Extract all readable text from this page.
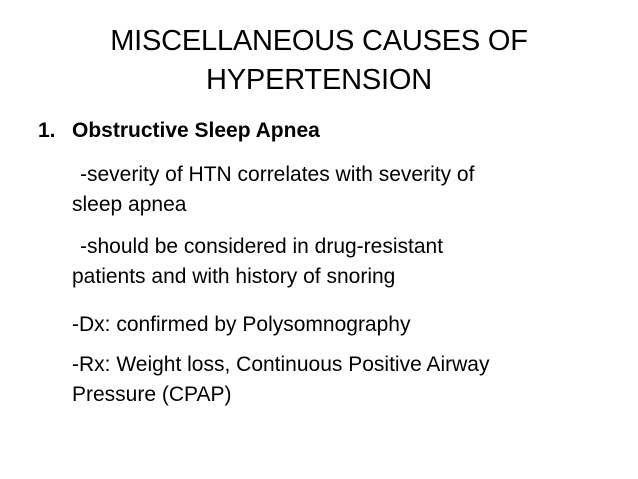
MISCELLANEOUS CAUSES OF
HYPERTENSION
1. Obstructive Sleep Apnea
-severity of HTN correlates with severity of
sleep apnea
-should be considered in drug-resistant
patients and with history of snoring
-Dx: confirmed by Polysomnography
-Rx: Weight loss, Continuous Positive Airway
Pressure (CPAP)
